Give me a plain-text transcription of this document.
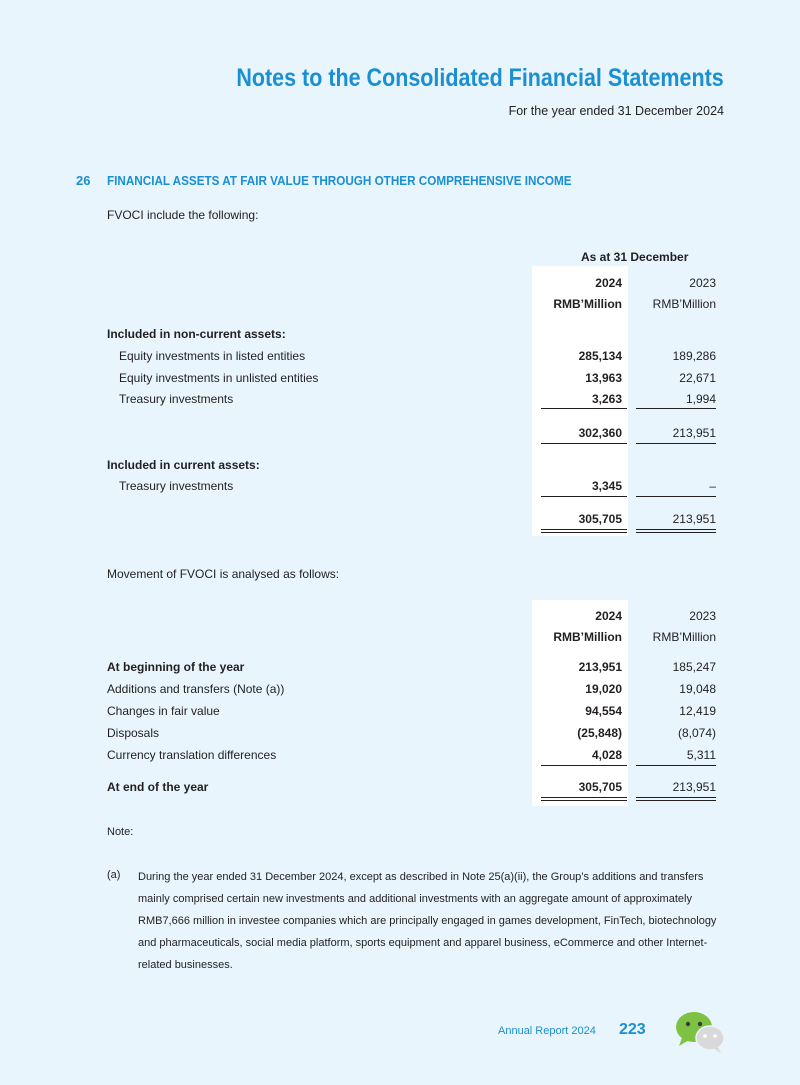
Notes to the Consolidated Financial Statements
For the year ended 31 December 2024
26 FINANCIAL ASSETS AT FAIR VALUE THROUGH OTHER COMPREHENSIVE INCOME
FVOCI include the following:
As at 31 December
2024	2023
RMB’Million	RMB’Million
Included in non-current assets:
Equity investments in listed entities	285,134	189,286
Equity investments in unlisted entities	13,963	22,671
Treasury investments	3,263	1,994
302,360	213,951
Included in current assets:
Treasury investments	3,345	–
305,705	213,951
Movement of FVOCI is analysed as follows:
2024	2023
RMB’Million	RMB’Million
At beginning of the year	213,951	185,247
Additions and transfers (Note (a))	19,020	19,048
Changes in fair value	94,554	12,419
Disposals	(25,848)	(8,074)
Currency translation differences	4,028	5,311
At end of the year	305,705	213,951
Note:
(a) During the year ended 31 December 2024, except as described in Note 25(a)(ii), the Group’s additions and transfers mainly comprised certain new investments and additional investments with an aggregate amount of approximately RMB7,666 million in investee companies which are principally engaged in games development, FinTech, biotechnology and pharmaceuticals, social media platform, sports equipment and apparel business, eCommerce and other Internet-related businesses.
Annual Report 2024 223
